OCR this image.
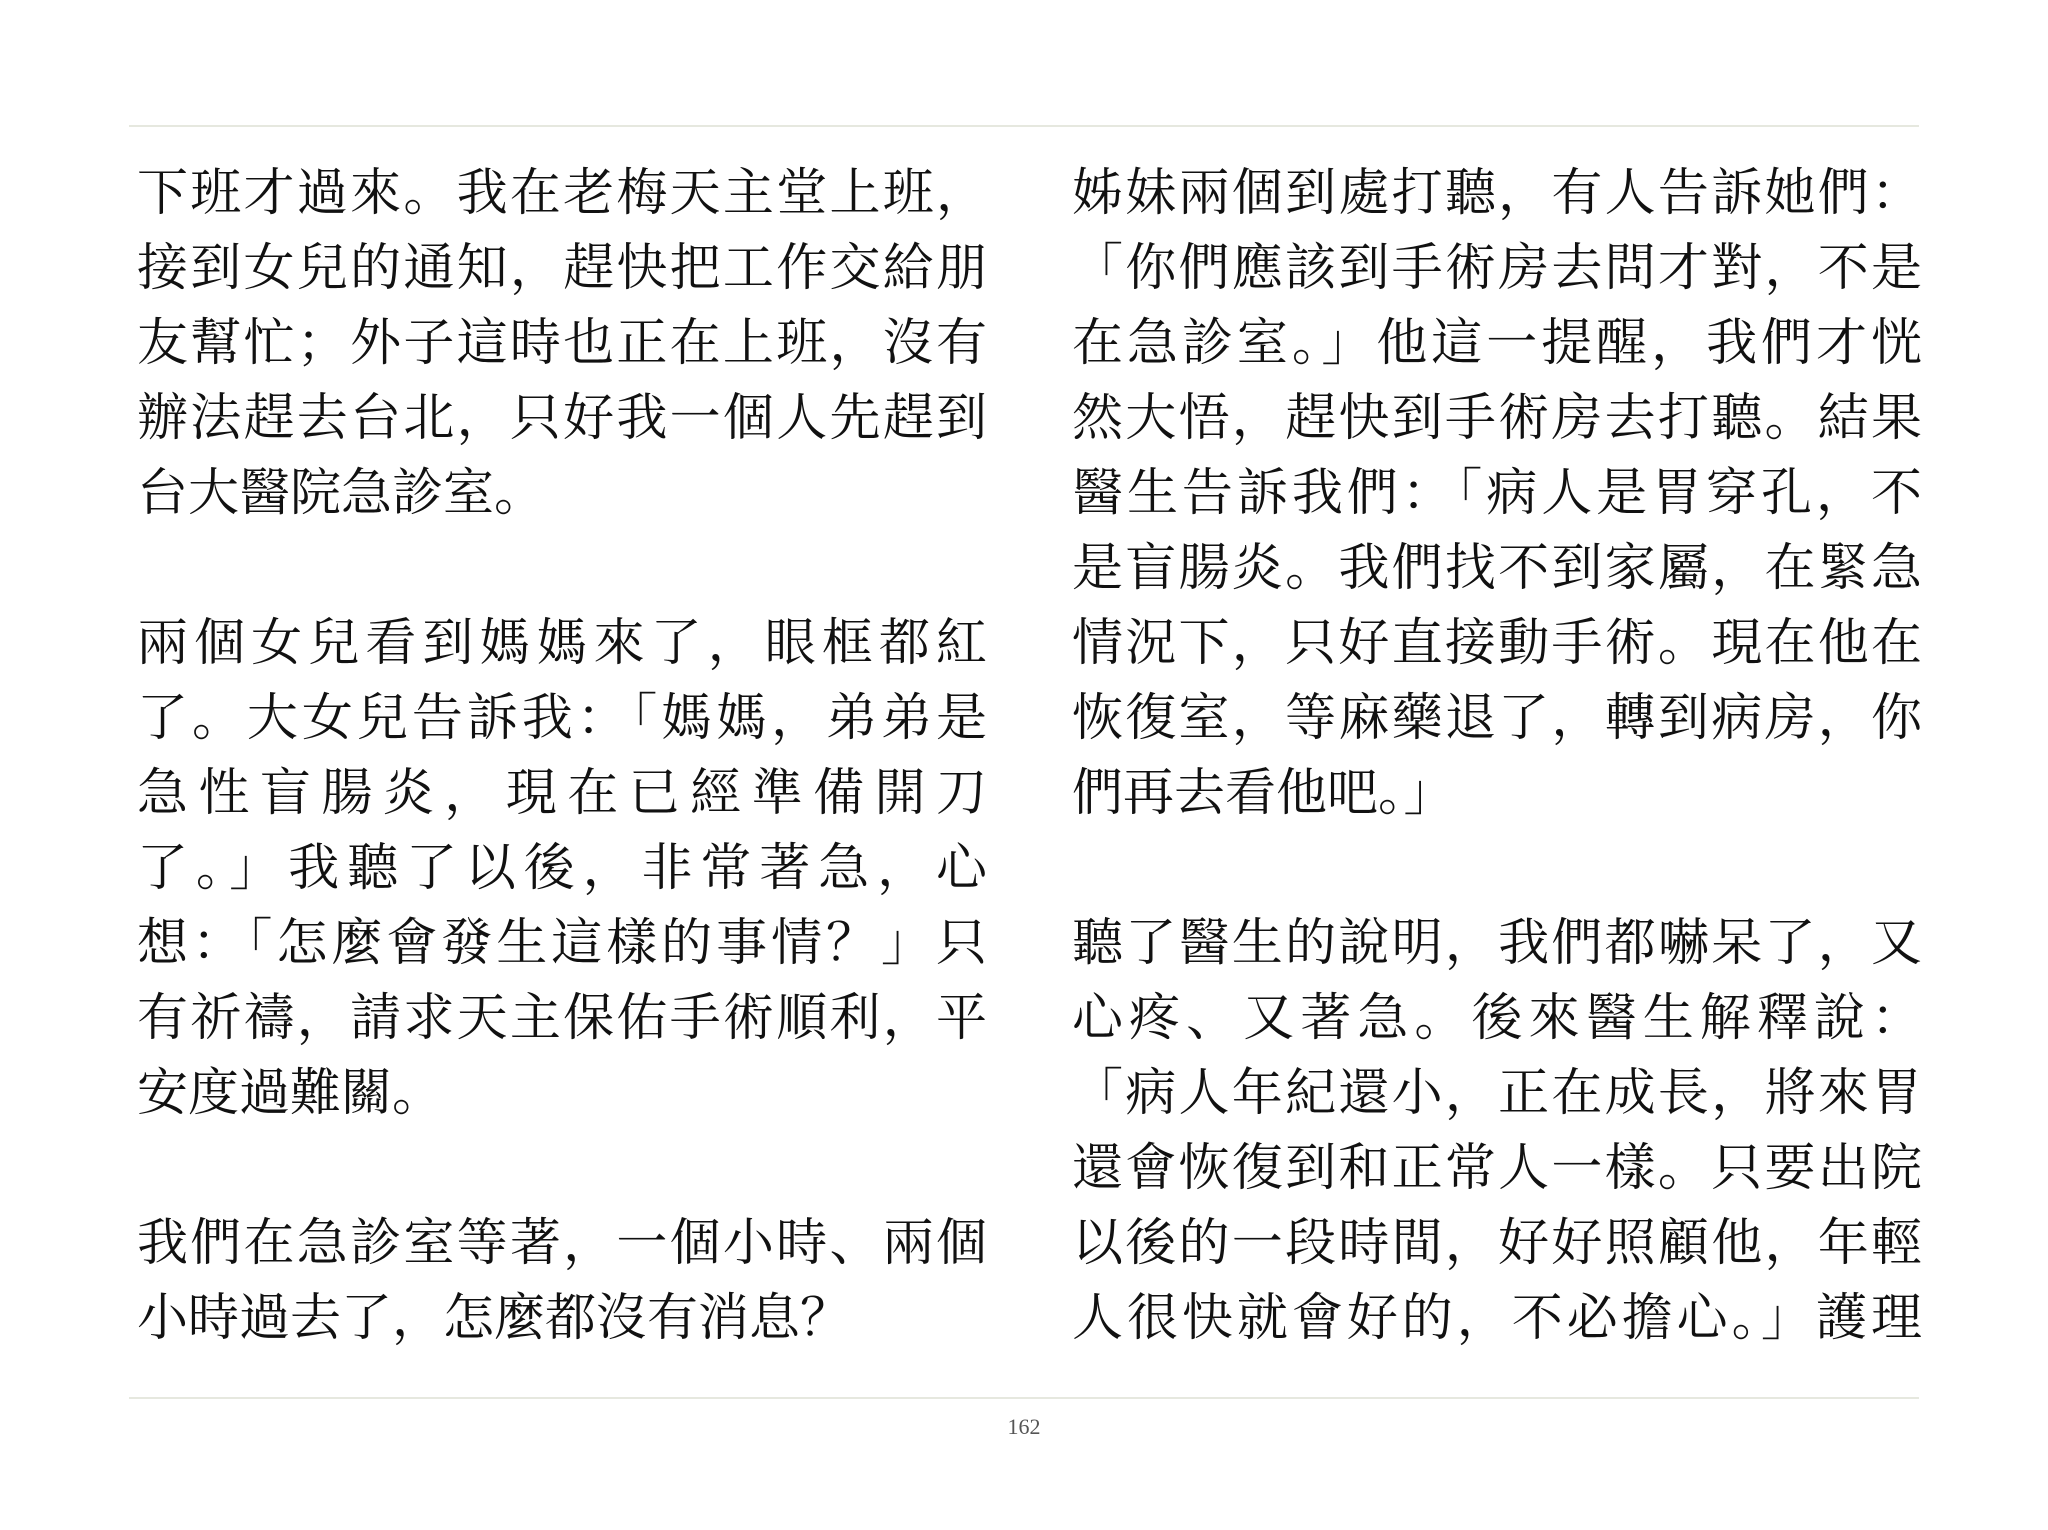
下班才過來。我在老梅天主堂上班，
接到女兒的通知，趕快把工作交給朋
友幫忙；外子這時也正在上班，沒有
辦法趕去台北，只好我一個人先趕到
台大醫院急診室。
兩個女兒看到媽媽來了，眼框都紅
了。大女兒告訴我：「媽媽，弟弟是
急性盲腸炎，現在已經準備開刀
了。」我聽了以後，非常著急，心
想：「怎麼會發生這樣的事情？」只
有祈禱，請求天主保佑手術順利，平
安度過難關。
我們在急診室等著，一個小時、兩個
小時過去了，怎麼都沒有消息？
姊妹兩個到處打聽，有人告訴她們：
「你們應該到手術房去問才對，不是
在急診室。」他這一提醒，我們才恍
然大悟，趕快到手術房去打聽。結果
醫生告訴我們：「病人是胃穿孔，不
是盲腸炎。我們找不到家屬，在緊急
情況下，只好直接動手術。現在他在
恢復室，等麻藥退了，轉到病房，你
們再去看他吧。」
聽了醫生的說明，我們都嚇呆了，又
心疼、又著急。後來醫生解釋說：
「病人年紀還小，正在成長，將來胃
還會恢復到和正常人一樣。只要出院
以後的一段時間，好好照顧他，年輕
人很快就會好的，不必擔心。」護理
162
